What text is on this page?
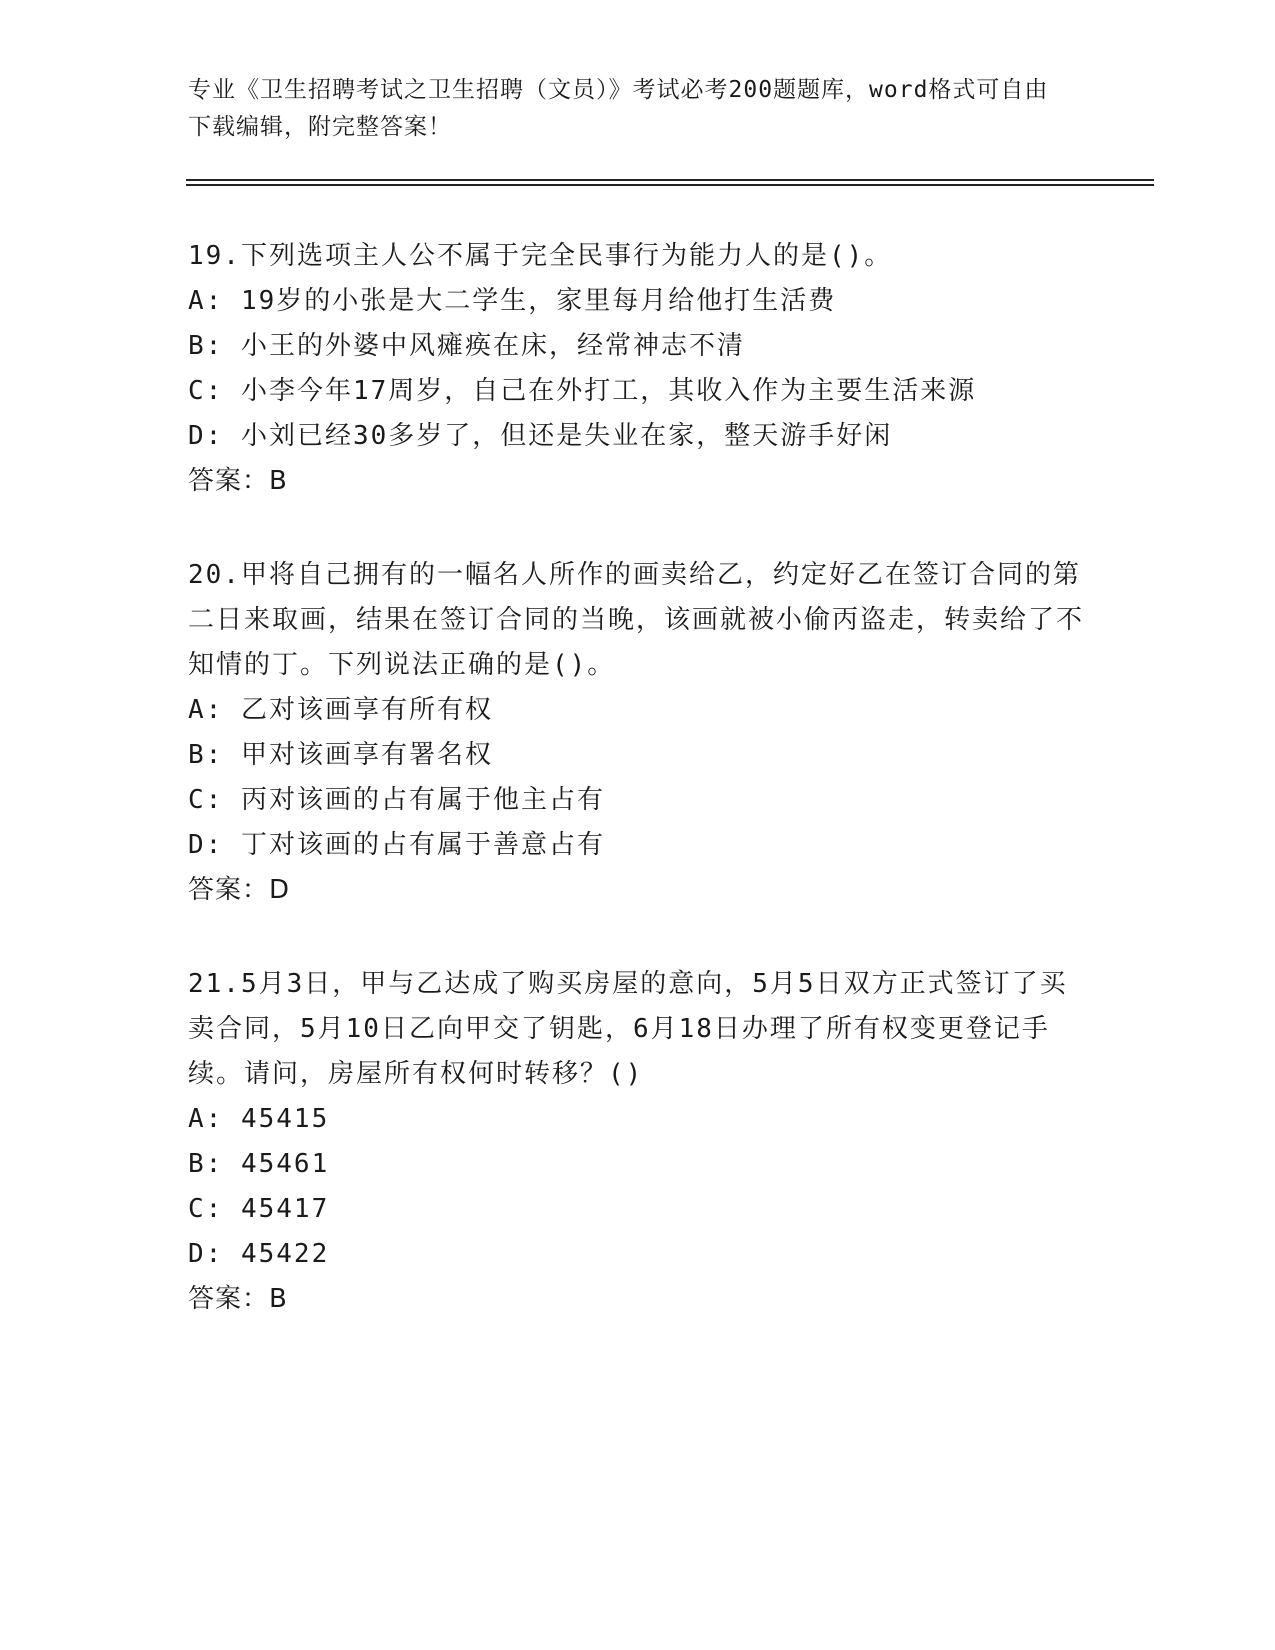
专业《卫生招聘考试之卫生招聘（文员）》考试必考200题题库，word格式可自由下载编辑，附完整答案！

19.下列选项主人公不属于完全民事行为能力人的是()。

A:
19岁的小张是大二学生，家里每月给他打生活费
B:
小王的外婆中风瘫痪在床，经常神志不清
C:
小李今年17周岁，自己在外打工，其收入作为主要生活来源
D:
小刘已经30多岁了，但还是失业在家，整天游手好闲

答案：B

20.甲将自己拥有的一幅名人所作的画卖给乙，约定好乙在签订合同的第二日来取画，结果在签订合同的当晚，该画就被小偷丙盗走，转卖给了不知情的丁。下列说法正确的是()。

A:
乙对该画享有所有权
B:
甲对该画享有署名权
C:
丙对该画的占有属于他主占有
D:
丁对该画的占有属于善意占有

答案：D

21.5月3日，甲与乙达成了购买房屋的意向，5月5日双方正式签订了买卖合同，5月10日乙向甲交了钥匙，6月18日办理了所有权变更登记手续。请问，房屋所有权何时转移？()

A:
45415
B:
45461
C:
45417
D:
45422

答案：B
